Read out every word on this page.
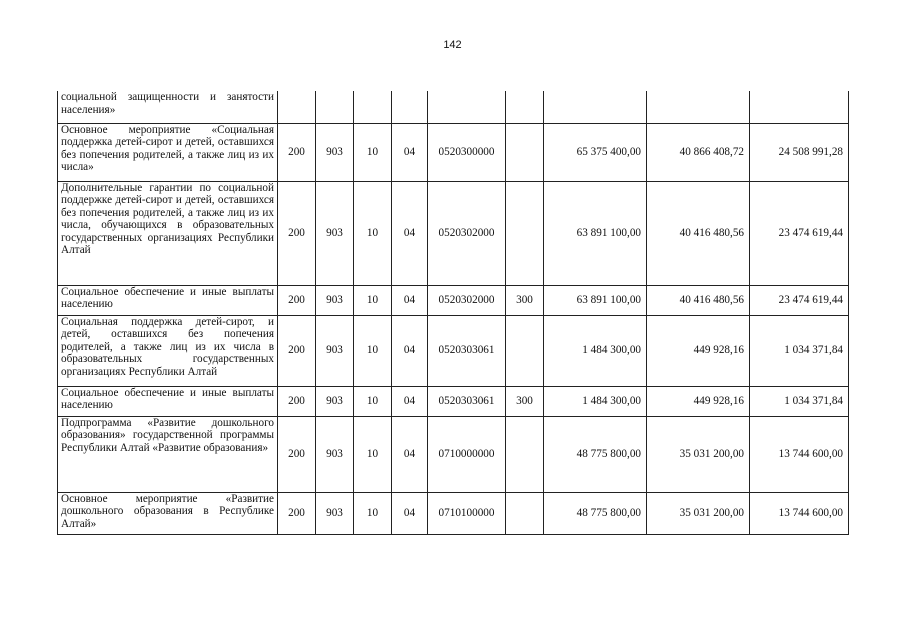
142
социальной защищенности и занятости населения»									
Основное мероприятие «Социальная поддержка детей-сирот и детей, оставшихся без попечения родителей, а также лиц из их числа»	200	903	10	04	0520300000		65 375 400,00	40 866 408,72	24 508 991,28
Дополнительные гарантии по социальной поддержке детей-сирот и детей, оставшихся без попечения родителей, а также лиц из их числа, обучающихся в образовательных государственных организациях Республики Алтай	200	903	10	04	0520302000		63 891 100,00	40 416 480,56	23 474 619,44
Социальное обеспечение и иные выплаты населению	200	903	10	04	0520302000	300	63 891 100,00	40 416 480,56	23 474 619,44
Социальная поддержка детей-сирот, и детей, оставшихся без попечения родителей, а также лиц из их числа в образовательных государственных организациях Республики Алтай	200	903	10	04	0520303061		1 484 300,00	449 928,16	1 034 371,84
Социальное обеспечение и иные выплаты населению	200	903	10	04	0520303061	300	1 484 300,00	449 928,16	1 034 371,84
Подпрограмма «Развитие дошкольного образования» государственной программы Республики Алтай «Развитие образования»	200	903	10	04	0710000000		48 775 800,00	35 031 200,00	13 744 600,00
Основное мероприятие «Развитие дошкольного образования в Республике Алтай»	200	903	10	04	0710100000		48 775 800,00	35 031 200,00	13 744 600,00
